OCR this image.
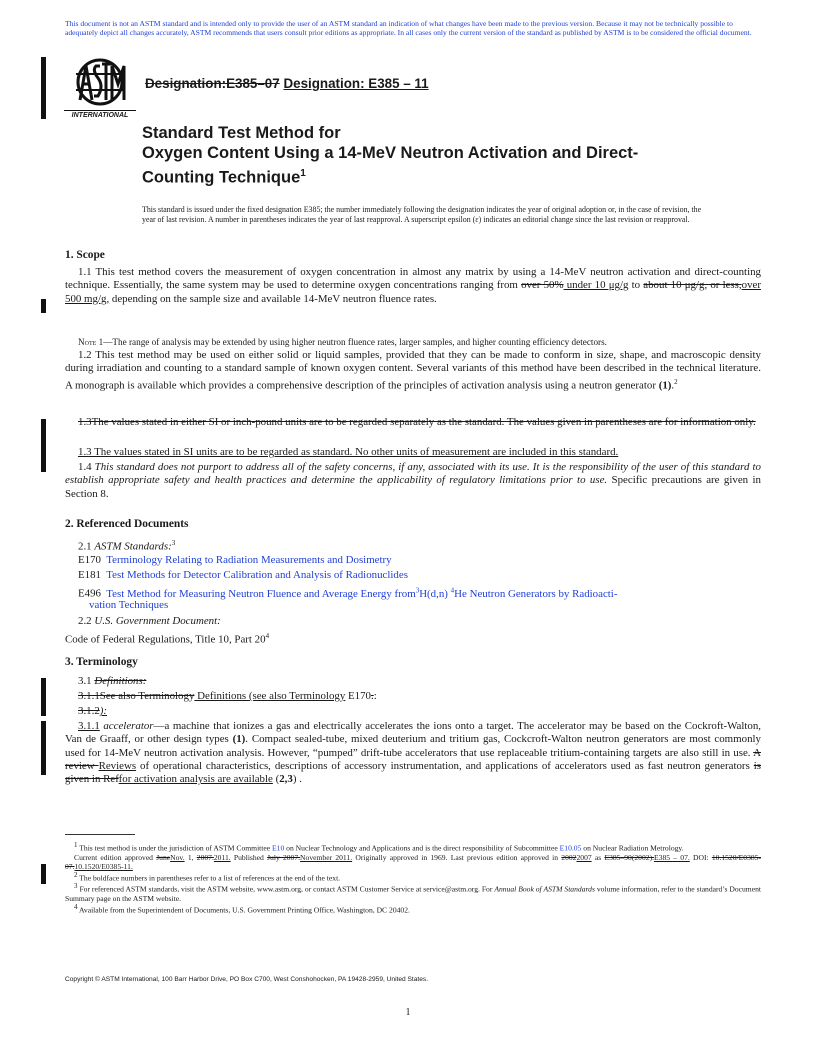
This document is not an ASTM standard and is intended only to provide the user of an ASTM standard an indication of what changes have been made to the previous version. Because it may not be technically possible to adequately depict all changes accurately, ASTM recommends that users consult prior editions as appropriate. In all cases only the current version of the standard as published by ASTM is to be considered the official document.
INTERNATIONAL
Designation:E385–07 Designation: E385 – 11
Standard Test Method for
Oxygen Content Using a 14-MeV Neutron Activation and Direct-Counting Technique$^1$
This standard is issued under the fixed designation E385; the number immediately following the designation indicates the year of original adoption or, in the case of revision, the year of last revision. A number in parentheses indicates the year of last reapproval. A superscript epsilon (ε) indicates an editorial change since the last revision or reapproval.
1. Scope
1.1 This test method covers the measurement of oxygen concentration in almost any matrix by using a 14-MeV neutron activation and direct-counting technique. Essentially, the same system may be used to determine oxygen concentrations ranging from over 50% under 10 μg/g to about 10 μg/g, or less,over 500 mg/g, depending on the sample size and available 14-MeV neutron fluence rates.
Note 1—The range of analysis may be extended by using higher neutron fluence rates, larger samples, and higher counting efficiency detectors.
1.2 This test method may be used on either solid or liquid samples, provided that they can be made to conform in size, shape, and macroscopic density during irradiation and counting to a standard sample of known oxygen content. Several variants of this method have been described in the technical literature. A monograph is available which provides a comprehensive description of the principles of activation analysis using a neutron generator (1).$^2$
1.3The values stated in either SI or inch-pound units are to be regarded separately as the standard. The values given in parentheses are for information only.
1.3 The values stated in SI units are to be regarded as standard. No other units of measurement are included in this standard.
1.4 This standard does not purport to address all of the safety concerns, if any, associated with its use. It is the responsibility of the user of this standard to establish appropriate safety and health practices and determine the applicability of regulatory limitations prior to use. Specific precautions are given in Section 8.
2. Referenced Documents
2.1 ASTM Standards:$^3$
E170 Terminology Relating to Radiation Measurements and Dosimetry
E181 Test Methods for Detector Calibration and Analysis of Radionuclides
E496 Test Method for Measuring Neutron Fluence and Average Energy from$^3$H(d,n) $^4$He Neutron Generators by Radioacti-
vation Techniques
2.2 U.S. Government Document:
Code of Federal Regulations, Title 10, Part $20^4$
3. Terminology
3.1 Definitions:
3.1.1See also Terminology Definitions (see also Terminology E170.:
3.1.2):
3.1.1 accelerator—a machine that ionizes a gas and electrically accelerates the ions onto a target. The accelerator may be based on the Cockroft-Walton, Van de Graaff, or other design types (1). Compact sealed-tube, mixed deuterium and tritium gas, Cockcroft-Walton neutron generators are most commonly used for 14-MeV neutron activation analysis. However, “pumped” drift-tube accelerators that use replaceable tritium-containing targets are also still in use. A review Reviews of operational characteristics, descriptions of accessory instrumentation, and applications of accelerators used as fast neutron generators is given in Reffor activation analysis are available (2,3) .
$^1$ This test method is under the jurisdiction of ASTM Committee E10 on Nuclear Technology and Applications and is the direct responsibility of Subcommittee E10.05 on Nuclear Radiation Metrology.
Current edition approved JuneNov. 1, 2007.2011. Published July 2007.November 2011. Originally approved in 1969. Last previous edition approved in 20022007 as E385–90(2002).E385 – 07. DOI: 10.1520/E0385-07.10.1520/E0385-11.
$^2$ The boldface numbers in parentheses refer to a list of references at the end of the text.
$^3$ For referenced ASTM standards, visit the ASTM website, www.astm.org, or contact ASTM Customer Service at service@astm.org. For Annual Book of ASTM Standards volume information, refer to the standard’s Document Summary page on the ASTM website.
$^4$ Available from the Superintendent of Documents, U.S. Government Printing Office, Washington, DC 20402.
Copyright © ASTM International, 100 Barr Harbor Drive, PO Box C700, West Conshohocken, PA 19428-2959, United States.
1
